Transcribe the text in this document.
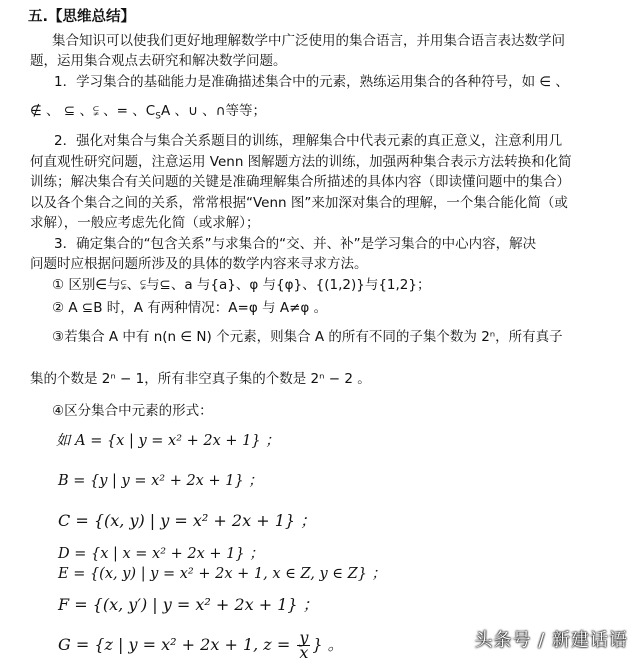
五.【思维总结】
集合知识可以使我们更好地理解数学中广泛使用的集合语言，并用集合语言表达数学问
题，运用集合观点去研究和解决数学问题。
1．学习集合的基础能力是准确描述集合中的元素，熟练运用集合的各种符号，如 ∈ 、
∉ 、 ⊆ 、⫋ 、= 、$C_SA$ 、∪ 、∩等等；
2．强化对集合与集合关系题目的训练，理解集合中代表元素的真正意义，注意利用几
何直观性研究问题，注意运用 Venn 图解题方法的训练，加强两种集合表示方法转换和化简
训练；解决集合有关问题的关键是准确理解集合所描述的具体内容（即读懂问题中的集合）
以及各个集合之间的关系，常常根据“Venn 图”来加深对集合的理解，一个集合能化简（或
求解），一般应考虑先化简（或求解）；
3．确定集合的“包含关系”与求集合的“交、并、补”是学习集合的中心内容，解决
问题时应根据问题所涉及的具体的数学内容来寻求方法。
① 区别∈与⫋、⫋与⊆、a 与{a}、φ 与{φ}、{(1,2)}与{1,2}；
② A ⊆B 时，A 有两种情况：A=φ 与 A≠φ 。
③若集合 A 中有 n(n ∈ N) 个元素，则集合 A 的所有不同的子集个数为 2ⁿ，所有真子
集的个数是 2ⁿ − 1，所有非空真子集的个数是 2ⁿ − 2 。
④区分集合中元素的形式：
如 A = {x | y = x² + 2x + 1} ；
B = {y | y = x² + 2x + 1} ；
C = {(x, y) | y = x² + 2x + 1} ；
D = {x | x = x² + 2x + 1} ；
E = {(x, y) | y = x² + 2x + 1, x ∈ Z, y ∈ Z} ；
F = {(x, y′) | y = x² + 2x + 1} ；
G = {z | y = x² + 2x + 1, $z = \frac{y}{x}$ } 。	头条号 / 新建话语
